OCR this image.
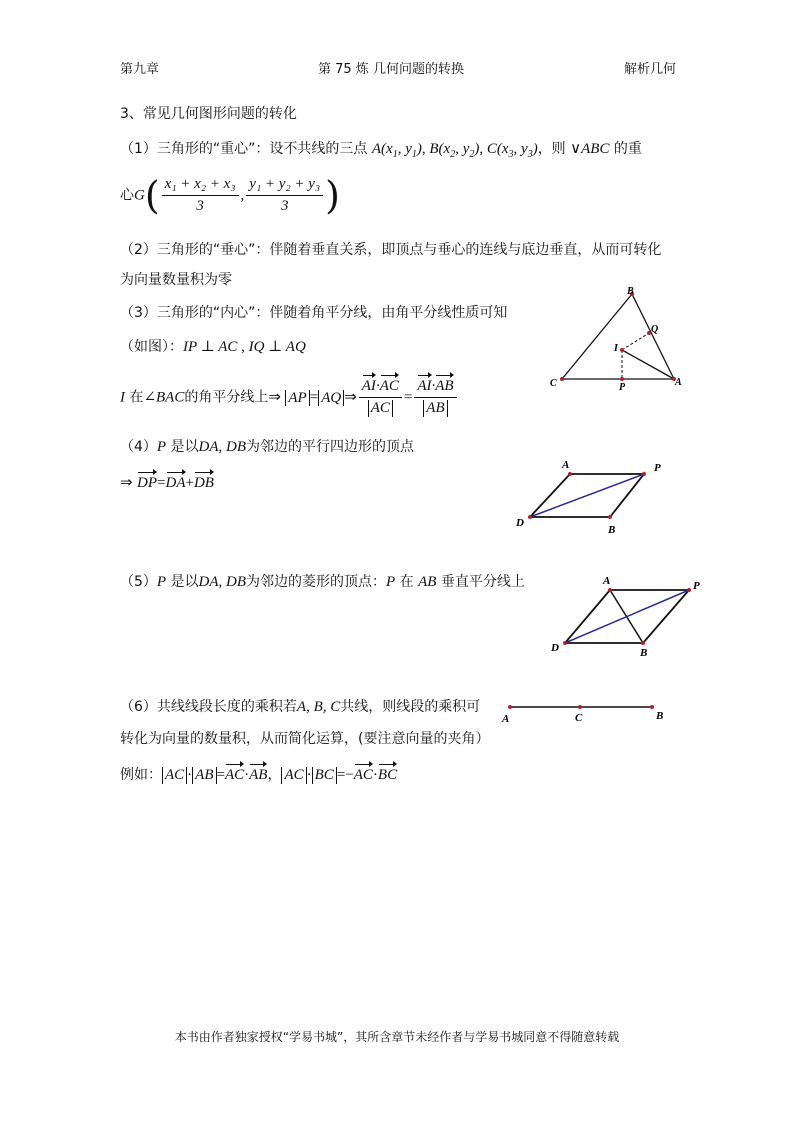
第九章	第 75 炼 几何问题的转换	解析几何
3、常见几何图形问题的转化
（1）三角形的“重心”：设不共线的三点 $A(x_1$, $y_1$), $B(x_2$, $y_2$), $C(x_3$, $y_3$)，则 ∨ABC 的重
心$G( \frac{\text{x₁ + x₂ + x₃}}{3}$ , $\frac{\text{y₁ + y₂ + y₃}}{3}$ )
（2）三角形的“垂心”：伴随着垂直关系，即顶点与垂心的连线与底边垂直，从而可转化
为向量数量积为零
（3）三角形的“内心”：伴随着角平分线，由角平分线性质可知
（如图）：IP ⊥ AC , IQ ⊥ AQ
I 在∠BAC的角平分线上⇒ AP = AQ ⇒ $\frac{AI\cdot AC}{AC} = \frac{AI\cdot AB}{AB}$
B
Q
I
C	P	A
（4）P 是以DA, DB为邻边的平行四边形的顶点
⇒ DP=DA+DB
A	P
D
B
（5）P 是以DA, DB为邻边的菱形的顶点：P 在 AB 垂直平分线上	A	P
D	B
（6）共线线段长度的乘积若A, B, C共线，则线段的乘积可
转化为向量的数量积，从而简化运算，(要注意向量的夹角）
例如： AC · AB =AC·AB， AC · BC =−AC·BC
A	C	B
本书由作者独家授权“学易书城”，其所含章节未经作者与学易书城同意不得随意转载
